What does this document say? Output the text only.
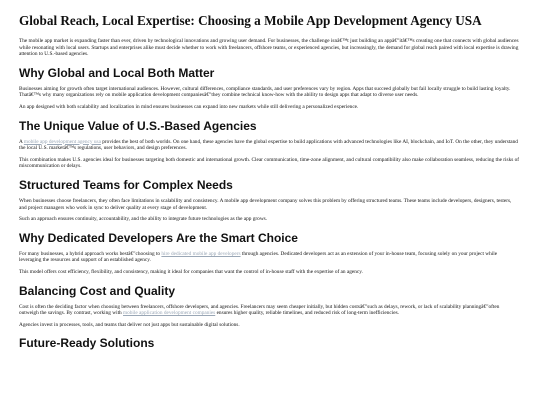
Global Reach, Local Expertise: Choosing a Mobile App Development Agency USA

The mobile app market is expanding faster than ever, driven by technological innovations and growing user demand. For businesses, the challenge isnâ€™t just building an appâ€”itâ€™s creating one that connects with global audiences while resonating with local users. Startups and enterprises alike must decide whether to work with freelancers, offshore teams, or experienced agencies, but increasingly, the demand for global reach paired with local expertise is drawing attention to U.S.-based agencies.

Why Global and Local Both Matter

Businesses aiming for growth often target international audiences. However, cultural differences, compliance standards, and user preferences vary by region. Apps that succeed globally but fail locally struggle to build lasting loyalty. Thatâ€™s why many organizations rely on mobile application development companiesâ€”they combine technical know-how with the ability to design apps that adapt to diverse user needs.

An app designed with both scalability and localization in mind ensures businesses can expand into new markets while still delivering a personalized experience.

The Unique Value of U.S.-Based Agencies

A mobile app development agency usa provides the best of both worlds. On one hand, these agencies have the global expertise to build applications with advanced technologies like AI, blockchain, and IoT. On the other, they understand the local U.S. marketâ€™s regulations, user behaviors, and design preferences.

This combination makes U.S. agencies ideal for businesses targeting both domestic and international growth. Clear communication, time-zone alignment, and cultural compatibility also make collaboration seamless, reducing the risks of miscommunication or delays.

Structured Teams for Complex Needs

When businesses choose freelancers, they often face limitations in scalability and consistency. A mobile app development company solves this problem by offering structured teams. These teams include developers, designers, testers, and project managers who work in sync to deliver quality at every stage of development.

Such an approach ensures continuity, accountability, and the ability to integrate future technologies as the app grows.

Why Dedicated Developers Are the Smart Choice

For many businesses, a hybrid approach works bestâ€”choosing to hire dedicated mobile app developers through agencies. Dedicated developers act as an extension of your in-house team, focusing solely on your project while leveraging the resources and support of an established agency.

This model offers cost efficiency, flexibility, and consistency, making it ideal for companies that want the control of in-house staff with the expertise of an agency.

Balancing Cost and Quality

Cost is often the deciding factor when choosing between freelancers, offshore developers, and agencies. Freelancers may seem cheaper initially, but hidden costsâ€”such as delays, rework, or lack of scalability planningâ€”often outweigh the savings. By contrast, working with mobile application development companies ensures higher quality, reliable timelines, and reduced risk of long-term inefficiencies.

Agencies invest in processes, tools, and teams that deliver not just apps but sustainable digital solutions.

Future-Ready Solutions
